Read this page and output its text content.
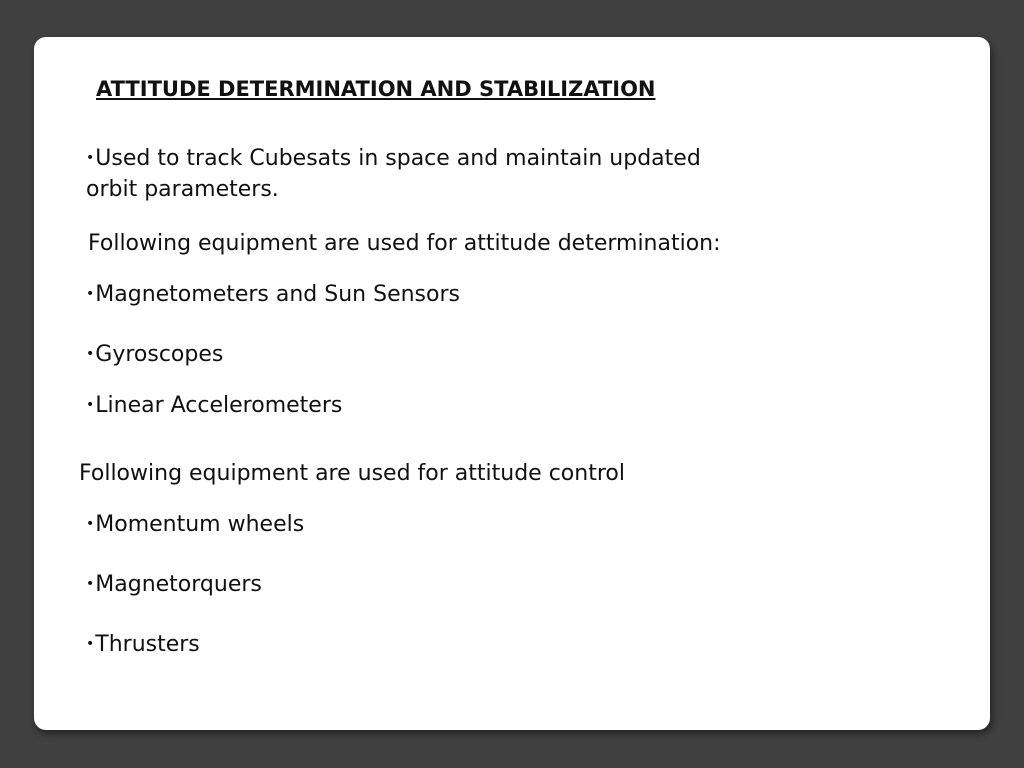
ATTITUDE DETERMINATION AND STABILIZATION
•Used to track Cubesats in space and maintain updated orbit parameters.
Following equipment are used for attitude determination:
•Magnetometers and Sun Sensors
•Gyroscopes
•Linear Accelerometers
Following equipment are used for attitude control
•Momentum wheels
•Magnetorquers
•Thrusters
